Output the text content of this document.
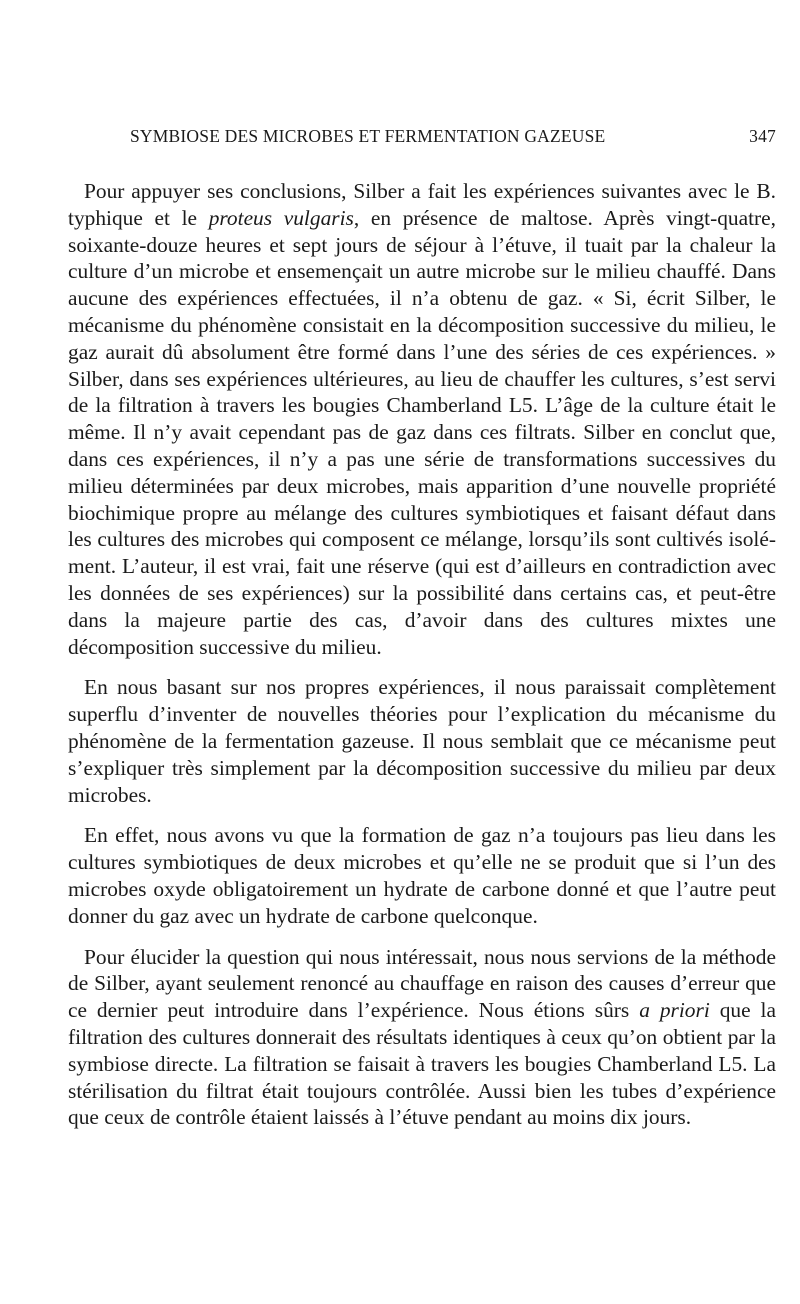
SYMBIOSE DES MICROBES ET FERMENTATION GAZEUSE	347

Pour appuyer ses conclusions, Silber a fait les expériences suivantes avec le B. typhique et le proteus vulgaris, en présence de maltose. Après vingt-quatre, soixante-douze heures et sept jours de séjour à l’étuve, il tuait par la chaleur la culture d’un microbe et ensemençait un autre microbe sur le milieu chauffé. Dans aucune des expériences effectuées, il n’a obtenu de gaz. « Si, écrit Silber, le mécanisme du phénomène consistait en la décomposition successive du milieu, le gaz aurait dû absolument être formé dans l’une des séries de ces expériences. » Silber, dans ses expériences ultérieures, au lieu de chauffer les cultures, s’est servi de la filtration à travers les bougies Chamberland L5. L’âge de la culture était le même. Il n’y avait cependant pas de gaz dans ces filtrats. Silber en conclut que, dans ces expériences, il n’y a pas une série de transformations successives du milieu déterminées par deux microbes, mais apparition d’une nouvelle propriété biochimique propre au mélange des cultures symbiotiques et faisant défaut dans les cultures des microbes qui composent ce mélange, lorsqu’ils sont cultivés isolément. L’auteur, il est vrai, fait une réserve (qui est d’ailleurs en contradiction avec les données de ses expériences) sur la possibilité dans certains cas, et peut-être dans la majeure partie des cas, d’avoir dans des cultures mixtes une décomposition successive du milieu.

En nous basant sur nos propres expériences, il nous paraissait complètement superflu d’inventer de nouvelles théories pour l’explication du mécanisme du phénomène de la fermentation gazeuse. Il nous semblait que ce mécanisme peut s’expliquer très simplement par la décomposition successive du milieu par deux microbes.

En effet, nous avons vu que la formation de gaz n’a toujours pas lieu dans les cultures symbiotiques de deux microbes et qu’elle ne se produit que si l’un des microbes oxyde obligatoirement un hydrate de carbone donné et que l’autre peut donner du gaz avec un hydrate de carbone quelconque.

Pour élucider la question qui nous intéressait, nous nous servions de la méthode de Silber, ayant seulement renoncé au chauffage en raison des causes d’erreur que ce dernier peut introduire dans l’expérience. Nous étions sûrs a priori que la filtration des cultures donnerait des résultats identiques à ceux qu’on obtient par la symbiose directe. La filtration se faisait à travers les bougies Chamberland L5. La stérilisation du filtrat était toujours contrôlée. Aussi bien les tubes d’expérience que ceux de contrôle étaient laissés à l’étuve pendant au moins dix jours.
